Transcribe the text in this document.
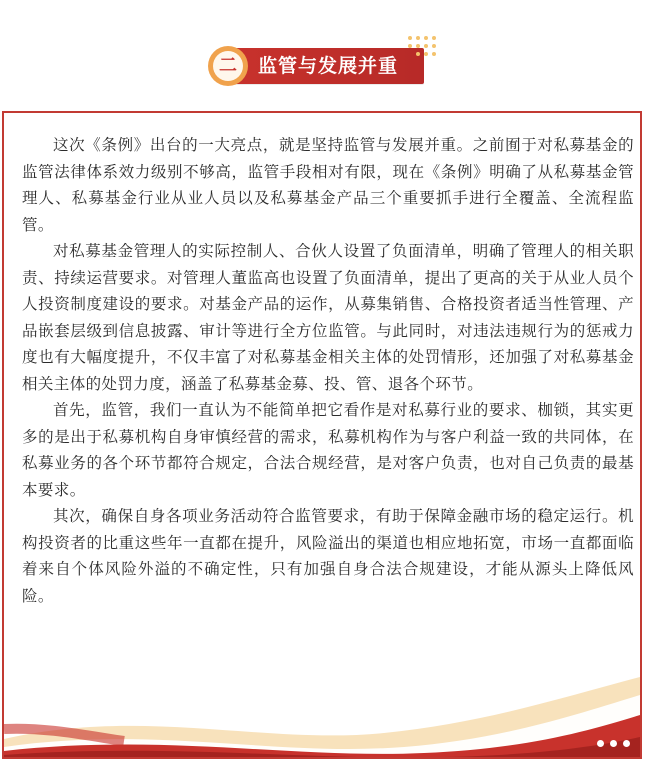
二	监管与发展并重

这次《条例》出台的一大亮点，就是坚持监管与发展并重。之前囿于对私募基金的监管法律体系效力级别不够高，监管手段相对有限，现在《条例》明确了从私募基金管理人、私募基金行业从业人员以及私募基金产品三个重要抓手进行全覆盖、全流程监管。

对私募基金管理人的实际控制人、合伙人设置了负面清单，明确了管理人的相关职责、持续运营要求。对管理人董监高也设置了负面清单，提出了更高的关于从业人员个人投资制度建设的要求。对基金产品的运作，从募集销售、合格投资者适当性管理、产品嵌套层级到信息披露、审计等进行全方位监管。与此同时，对违法违规行为的惩戒力度也有大幅度提升，不仅丰富了对私募基金相关主体的处罚情形，还加强了对私募基金相关主体的处罚力度，涵盖了私募基金募、投、管、退各个环节。

首先，监管，我们一直认为不能简单把它看作是对私募行业的要求、枷锁，其实更多的是出于私募机构自身审慎经营的需求，私募机构作为与客户利益一致的共同体，在私募业务的各个环节都符合规定，合法合规经营，是对客户负责，也对自己负责的最基本要求。

其次，确保自身各项业务活动符合监管要求，有助于保障金融市场的稳定运行。机构投资者的比重这些年一直都在提升，风险溢出的渠道也相应地拓宽，市场一直都面临着来自个体风险外溢的不确定性，只有加强自身合法合规建设，才能从源头上降低风险。
